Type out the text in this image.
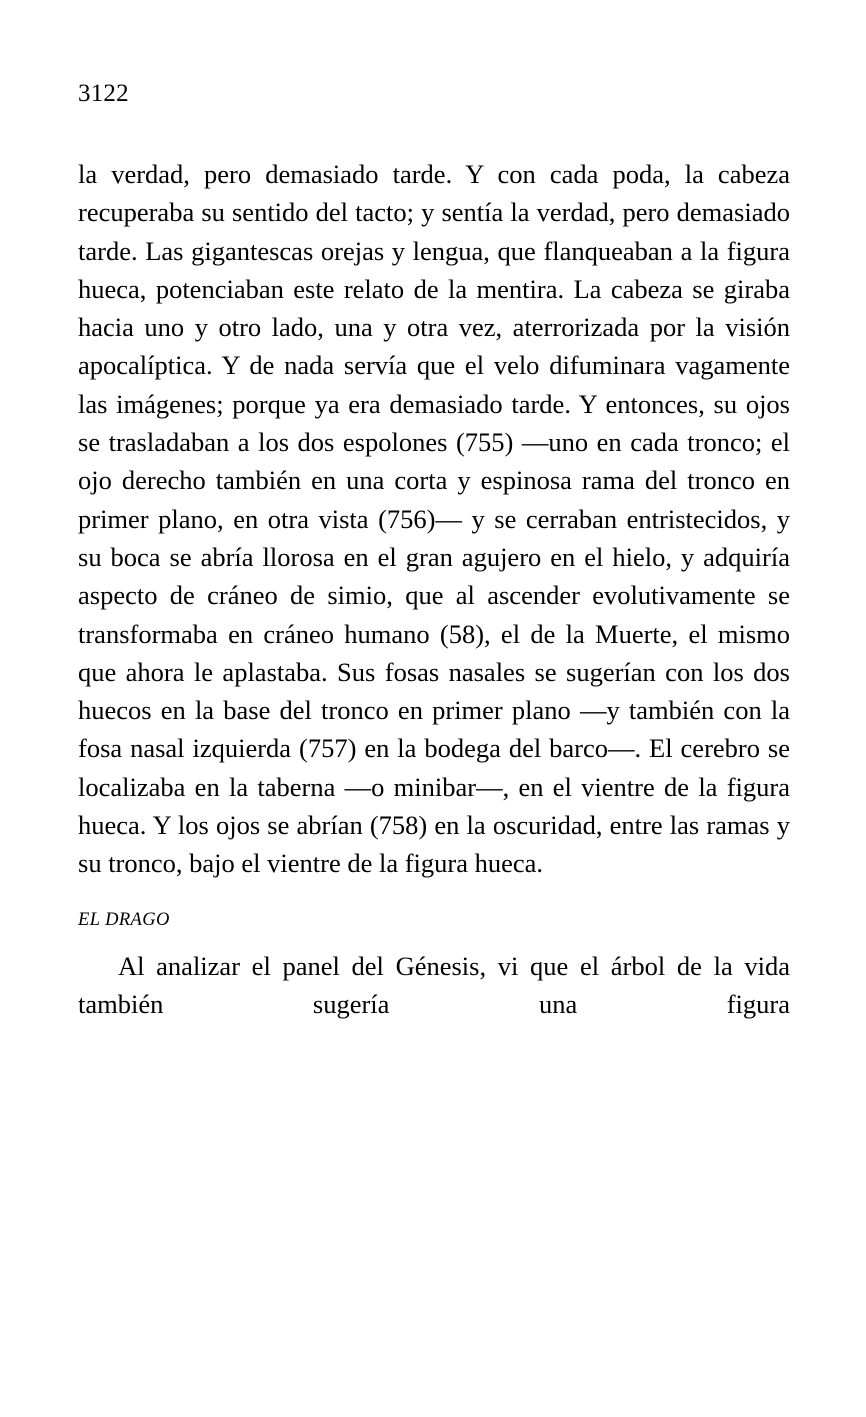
3122

la verdad, pero demasiado tarde. Y con cada poda, la cabeza recuperaba su sentido del tacto; y sentía la verdad, pero demasiado tarde. Las gigantescas orejas y lengua, que flanqueaban a la figura hueca, potenciaban este relato de la mentira. La cabeza se giraba hacia uno y otro lado, una y otra vez, aterrorizada por la visión apocalíptica. Y de nada servía que el velo difuminara vagamente las imágenes; porque ya era demasiado tarde. Y entonces, su ojos se trasladaban a los dos espolones (755) —uno en cada tronco; el ojo derecho también en una corta y espinosa rama del tronco en primer plano, en otra vista (756)— y se cerraban entristecidos, y su boca se abría llorosa en el gran agujero en el hielo, y adquiría aspecto de cráneo de simio, que al ascender evolutivamente se transformaba en cráneo humano (58), el de la Muerte, el mismo que ahora le aplastaba. Sus fosas nasales se sugerían con los dos huecos en la base del tronco en primer plano —y también con la fosa nasal izquierda (757) en la bodega del barco—. El cerebro se localizaba en la taberna —o minibar—, en el vientre de la figura hueca. Y los ojos se abrían (758) en la oscuridad, entre las ramas y su tronco, bajo el vientre de la figura hueca.

EL DRAGO

Al analizar el panel del Génesis, vi que el árbol de la vida también sugería una figura
